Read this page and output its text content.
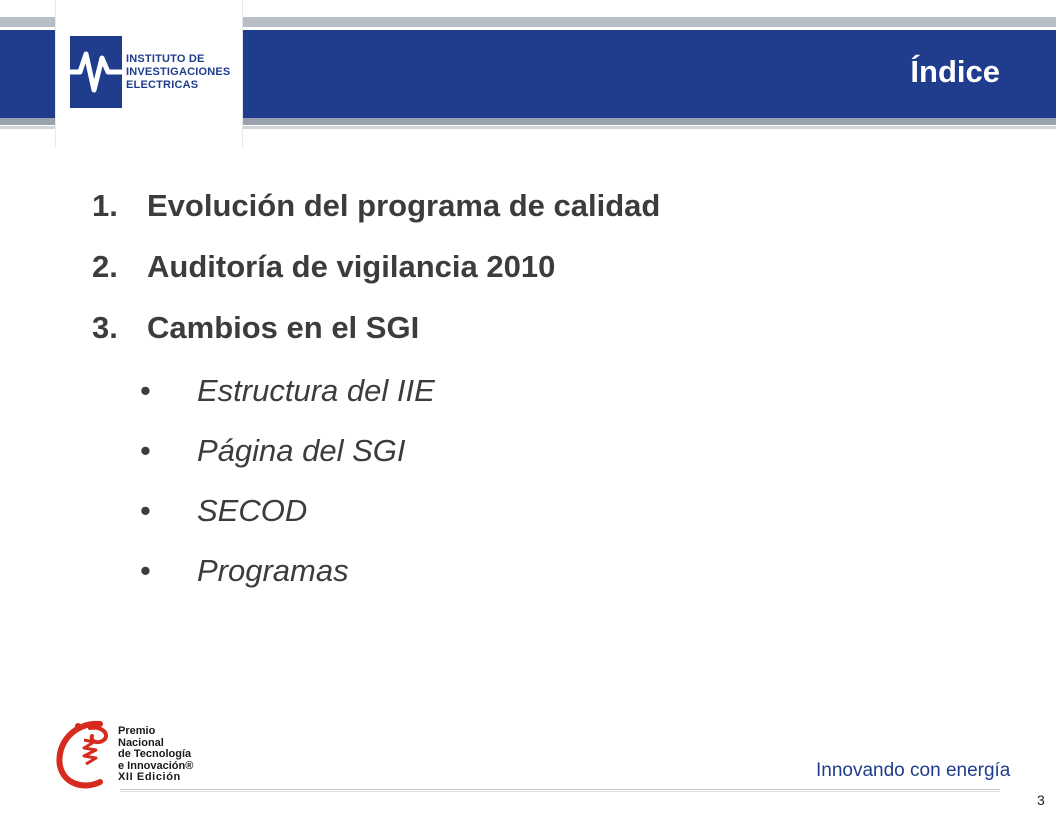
INSTITUTO DE
INVESTIGACIONES
ELECTRICAS	Índice
1. Evolución del programa de calidad
2. Auditoría de vigilancia 2010
3. Cambios en el SGI
• Estructura del IIE
• Página del SGI
• SECOD
• Programas
Premio
Nacional
de Tecnología
e Innovación®
XII Edición	Innovando con energía
3
